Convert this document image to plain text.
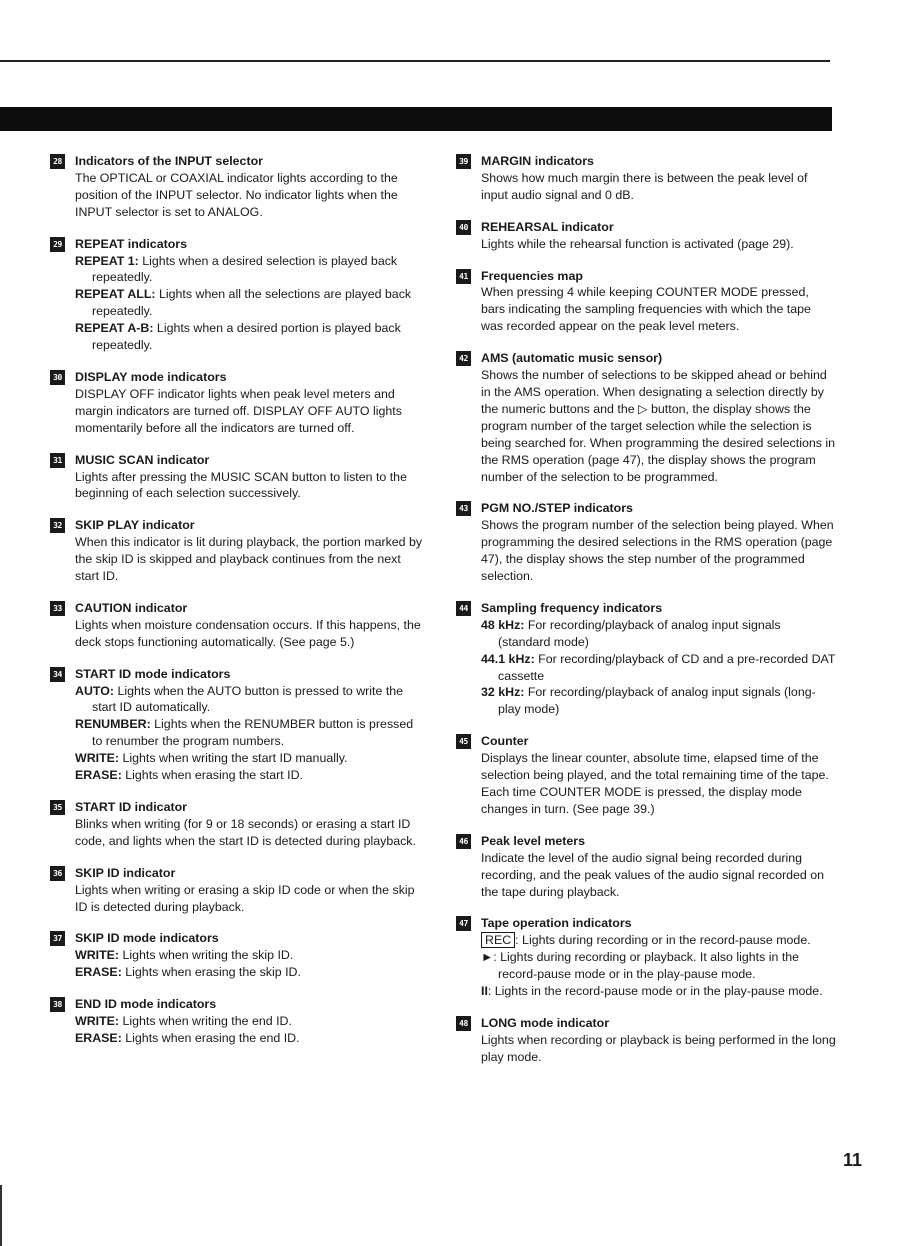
28 Indicators of the INPUT selector

The OPTICAL or COAXIAL indicator lights according to the position of the INPUT selector. No indicator lights when the INPUT selector is set to ANALOG.

29 REPEAT indicators

REPEAT 1: Lights when a desired selection is played back repeatedly.

REPEAT ALL: Lights when all the selections are played back repeatedly.

REPEAT A-B: Lights when a desired portion is played back repeatedly.

30 DISPLAY mode indicators

DISPLAY OFF indicator lights when peak level meters and margin indicators are turned off. DISPLAY OFF AUTO lights momentarily before all the indicators are turned off.

31 MUSIC SCAN indicator

Lights after pressing the MUSIC SCAN button to listen to the beginning of each selection successively.

32 SKIP PLAY indicator

When this indicator is lit during playback, the portion marked by the skip ID is skipped and playback continues from the next start ID.

33 CAUTION indicator

Lights when moisture condensation occurs. If this happens, the deck stops functioning automatically. (See page 5.)

34 START ID mode indicators

AUTO: Lights when the AUTO button is pressed to write the start ID automatically.

RENUMBER: Lights when the RENUMBER button is pressed to renumber the program numbers.

WRITE: Lights when writing the start ID manually.

ERASE: Lights when erasing the start ID.

35 START ID indicator

Blinks when writing (for 9 or 18 seconds) or erasing a start ID code, and lights when the start ID is detected during playback.

36 SKIP ID indicator

Lights when writing or erasing a skip ID code or when the skip ID is detected during playback.

37 SKIP ID mode indicators

WRITE: Lights when writing the skip ID.

ERASE: Lights when erasing the skip ID.

38 END ID mode indicators

WRITE: Lights when writing the end ID.

ERASE: Lights when erasing the end ID.

39 MARGIN indicators

Shows how much margin there is between the peak level of input audio signal and 0 dB.

40 REHEARSAL indicator

Lights while the rehearsal function is activated (page 29).

41 Frequencies map

When pressing 4 while keeping COUNTER MODE pressed, bars indicating the sampling frequencies with which the tape was recorded appear on the peak level meters.

42 AMS (automatic music sensor)

Shows the number of selections to be skipped ahead or behind in the AMS operation. When designating a selection directly by the numeric buttons and the ▷ button, the display shows the program number of the target selection while the selection is being searched for. When programming the desired selections in the RMS operation (page 47), the display shows the program number of the selection to be programmed.

43 PGM NO./STEP indicators

Shows the program number of the selection being played. When programming the desired selections in the RMS operation (page 47), the display shows the step number of the programmed selection.

44 Sampling frequency indicators

48 kHz: For recording/playback of analog input signals (standard mode)

44.1 kHz: For recording/playback of CD and a pre-recorded DAT cassette

32 kHz: For recording/playback of analog input signals (long-play mode)

45 Counter

Displays the linear counter, absolute time, elapsed time of the selection being played, and the total remaining time of the tape. Each time COUNTER MODE is pressed, the display mode changes in turn. (See page 39.)

46 Peak level meters

Indicate the level of the audio signal being recorded during recording, and the peak values of the audio signal recorded on the tape during playback.

47 Tape operation indicators

REC : Lights during recording or in the record-pause mode.

►: Lights during recording or playback. It also lights in the record-pause mode or in the play-pause mode.

II: Lights in the record-pause mode or in the play-pause mode.

48 LONG mode indicator

Lights when recording or playback is being performed in the long play mode.

11
